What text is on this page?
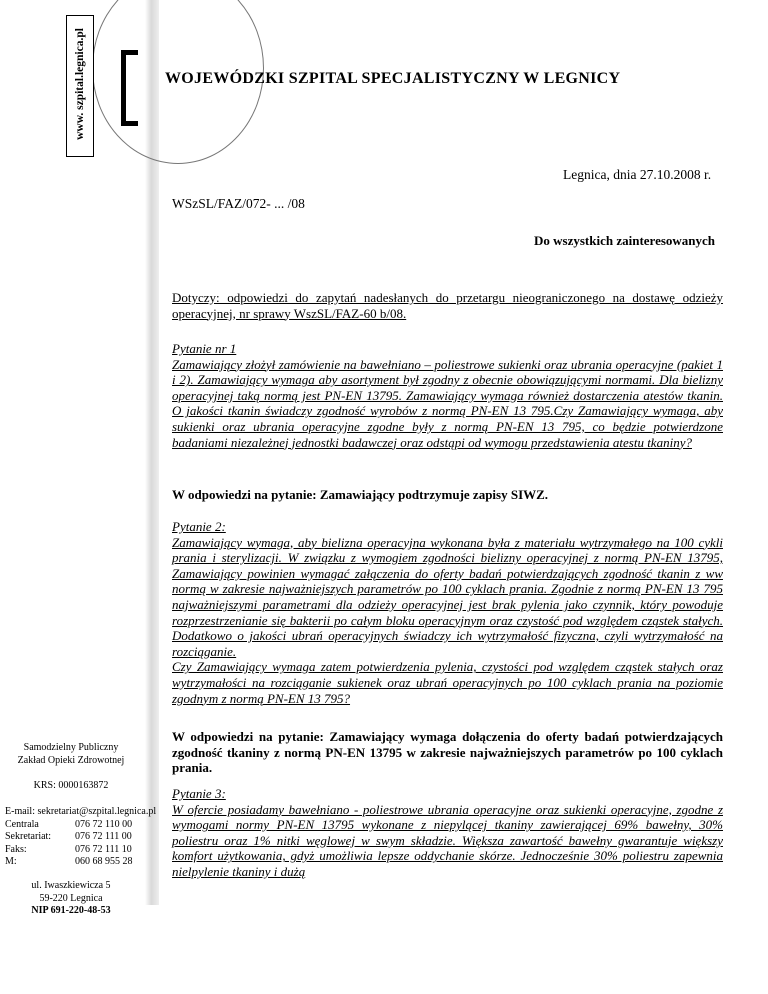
www. szpital.legnica.pl	WOJEWÓDZKI SZPITAL SPECJALISTYCZNY W LEGNICY
Legnica, dnia 27.10.2008 r.
WSzSL/FAZ/072- ... /08
Do wszystkich zainteresowanych
Dotyczy: odpowiedzi do zapytań nadesłanych do przetargu nieograniczonego na dostawę odzieży operacyjnej, nr sprawy WszSL/FAZ-60 b/08.
Pytanie nr 1
Zamawiający złożył zamówienie na bawełniano – poliestrowe sukienki oraz ubrania operacyjne (pakiet 1 i 2). Zamawiający wymaga aby asortyment był zgodny z obecnie obowiązującymi normami. Dla bielizny operacyjnej taką normą jest PN-EN 13795. Zamawiający wymaga również dostarczenia atestów tkanin. O jakości tkanin świadczy zgodność wyrobów z normą PN-EN 13 795.Czy Zamawiający wymaga, aby sukienki oraz ubrania operacyjne zgodne były z normą PN-EN 13 795, co będzie potwierdzone badaniami niezależnej jednostki badawczej oraz odstąpi od wymogu przedstawienia atestu tkaniny?
W odpowiedzi na pytanie: Zamawiający podtrzymuje zapisy SIWZ.
Pytanie 2:
Zamawiający wymaga, aby bielizna operacyjna wykonana była z materiału wytrzymałego na 100 cykli prania i sterylizacji. W związku z wymogiem zgodności bielizny operacyjnej z normą PN-EN 13795, Zamawiający powinien wymagać załączenia do oferty badań potwierdzających zgodność tkanin z ww normą w zakresie najważniejszych parametrów po 100 cyklach prania. Zgodnie z normą PN-EN 13 795 najważniejszymi parametrami dla odzieży operacyjnej jest brak pylenia jako czynnik, który powoduje rozprzestrzenianie się bakterii po całym bloku operacyjnym oraz czystość pod względem cząstek stałych. Dodatkowo o jakości ubrań operacyjnych świadczy ich wytrzymałość fizyczna, czyli wytrzymałość na rozciąganie.
Czy Zamawiający wymaga zatem potwierdzenia pylenia, czystości pod względem cząstek stałych oraz wytrzymałości na rozciąganie sukienek oraz ubrań operacyjnych po 100 cyklach prania na poziomie zgodnym z normą PN-EN 13 795?
W odpowiedzi na pytanie: Zamawiający wymaga dołączenia do oferty badań potwierdzających zgodność tkaniny z normą PN-EN 13795 w zakresie najważniejszych parametrów po 100 cyklach prania.
Pytanie 3:
W ofercie posiadamy bawełniano - poliestrowe ubrania operacyjne oraz sukienki operacyjne, zgodne z wymogami normy PN-EN 13795 wykonane z niepylącej tkaniny zawierającej 69% bawełny, 30% poliestru oraz 1% nitki węglowej w swym składzie. Większa zawartość bawełny gwarantuje większy komfort użytkowania, gdyż umożliwia lepsze oddychanie skórze. Jednocześnie 30% poliestru zapewnia nielpylenie tkaniny i dużą
Samodzielny Publiczny
Zakład Opieki Zdrowotnej
KRS: 0000163872
E-mail: sekretariat@szpital.legnica.pl
Centrala	076 72 110 00
Sekretariat:	076 72 111 00
Faks:	076 72 111 10
M:	060 68 955 28
ul. Iwaszkiewicza 5
59-220 Legnica
NIP 691-220-48-53
